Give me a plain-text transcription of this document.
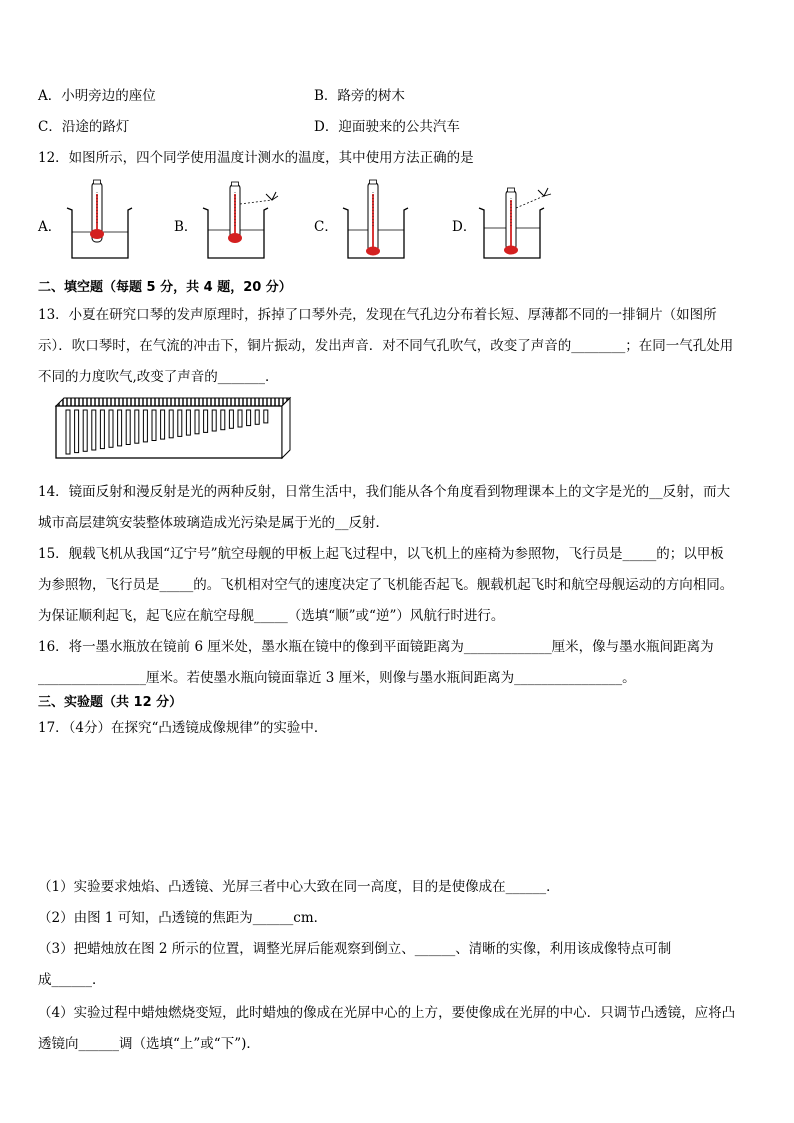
A．小明旁边的座位	B．路旁的树木
C．沿途的路灯	D．迎面驶来的公共汽车
12．如图所示，四个同学使用温度计测水的温度，其中使用方法正确的是
A．	B．	C．	D．
二、填空题（每题 5 分，共 4 题，20 分）
13．小夏在研究口琴的发声原理时，拆掉了口琴外壳，发现在气孔边分布着长短、厚薄都不同的一排铜片（如图所
示）．吹口琴时，在气流的冲击下，铜片振动，发出声音．对不同气孔吹气，改变了声音的________；在同一气孔处用
不同的力度吹气,改变了声音的_______．
14．镜面反射和漫反射是光的两种反射，日常生活中，我们能从各个角度看到物理课本上的文字是光的__反射，而大
城市高层建筑安装整体玻璃造成光污染是属于光的__反射．
15．舰载飞机从我国“辽宁号”航空母舰的甲板上起飞过程中，以飞机上的座椅为参照物，飞行员是_____的；以甲板
为参照物，飞行员是_____的。飞机相对空气的速度决定了飞机能否起飞。舰载机起飞时和航空母舰运动的方向相同。
为保证顺利起飞，起飞应在航空母舰_____（选填“顺”或“逆”）风航行时进行。
16．将一墨水瓶放在镜前 6 厘米处，墨水瓶在镜中的像到平面镜距离为_____________厘米，像与墨水瓶间距离为
________________厘米。若使墨水瓶向镜面靠近 3 厘米，则像与墨水瓶间距离为________________。
三、实验题（共 12 分）
17．（4分）在探究“凸透镜成像规律”的实验中．
（1）实验要求烛焰、凸透镜、光屏三者中心大致在同一高度，目的是使像成在______．
（2）由图 1 可知，凸透镜的焦距为______cm．
（3）把蜡烛放在图 2 所示的位置，调整光屏后能观察到倒立、______、清晰的实像，利用该成像特点可制
成______．
（4）实验过程中蜡烛燃烧变短，此时蜡烛的像成在光屏中心的上方，要使像成在光屏的中心．只调节凸透镜，应将凸
透镜向______调（选填“上”或“下”)．
